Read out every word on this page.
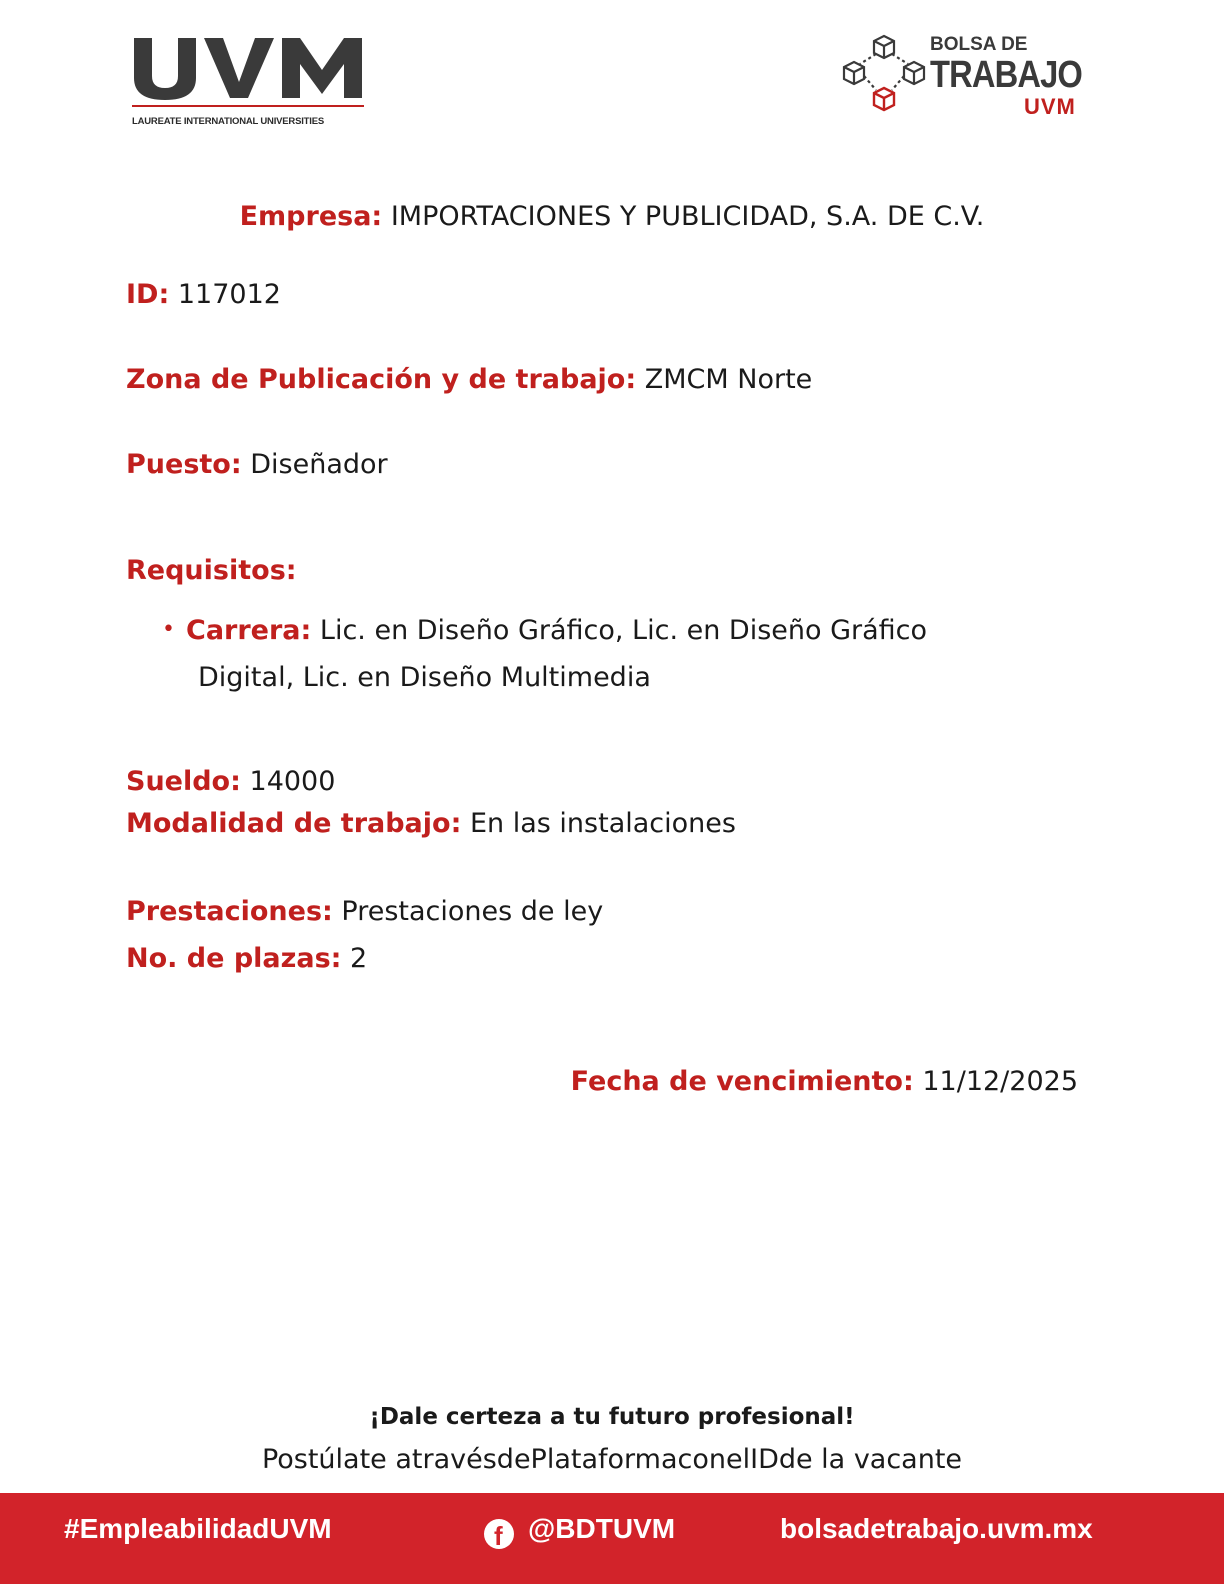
LAUREATE INTERNATIONAL UNIVERSITIES
BOLSA DE
TRABAJO
UVM
Empresa: IMPORTACIONES Y PUBLICIDAD, S.A. DE C.V.
ID: 117012
Zona de Publicación y de trabajo: ZMCM Norte
Puesto: Diseñador
Requisitos:
• Carrera: Lic. en Diseño Gráfico, Lic. en Diseño Gráfico
Digital, Lic. en Diseño Multimedia
Sueldo: 14000
Modalidad de trabajo: En las instalaciones
Prestaciones: Prestaciones de ley
No. de plazas: 2
Fecha de vencimiento: 11/12/2025
¡Dale certeza a tu futuro profesional!
Postúlate atravésdePlataformaconelIDde la vacante
#EmpleabilidadUVM	f @BDTUVM	bolsadetrabajo.uvm.mx
